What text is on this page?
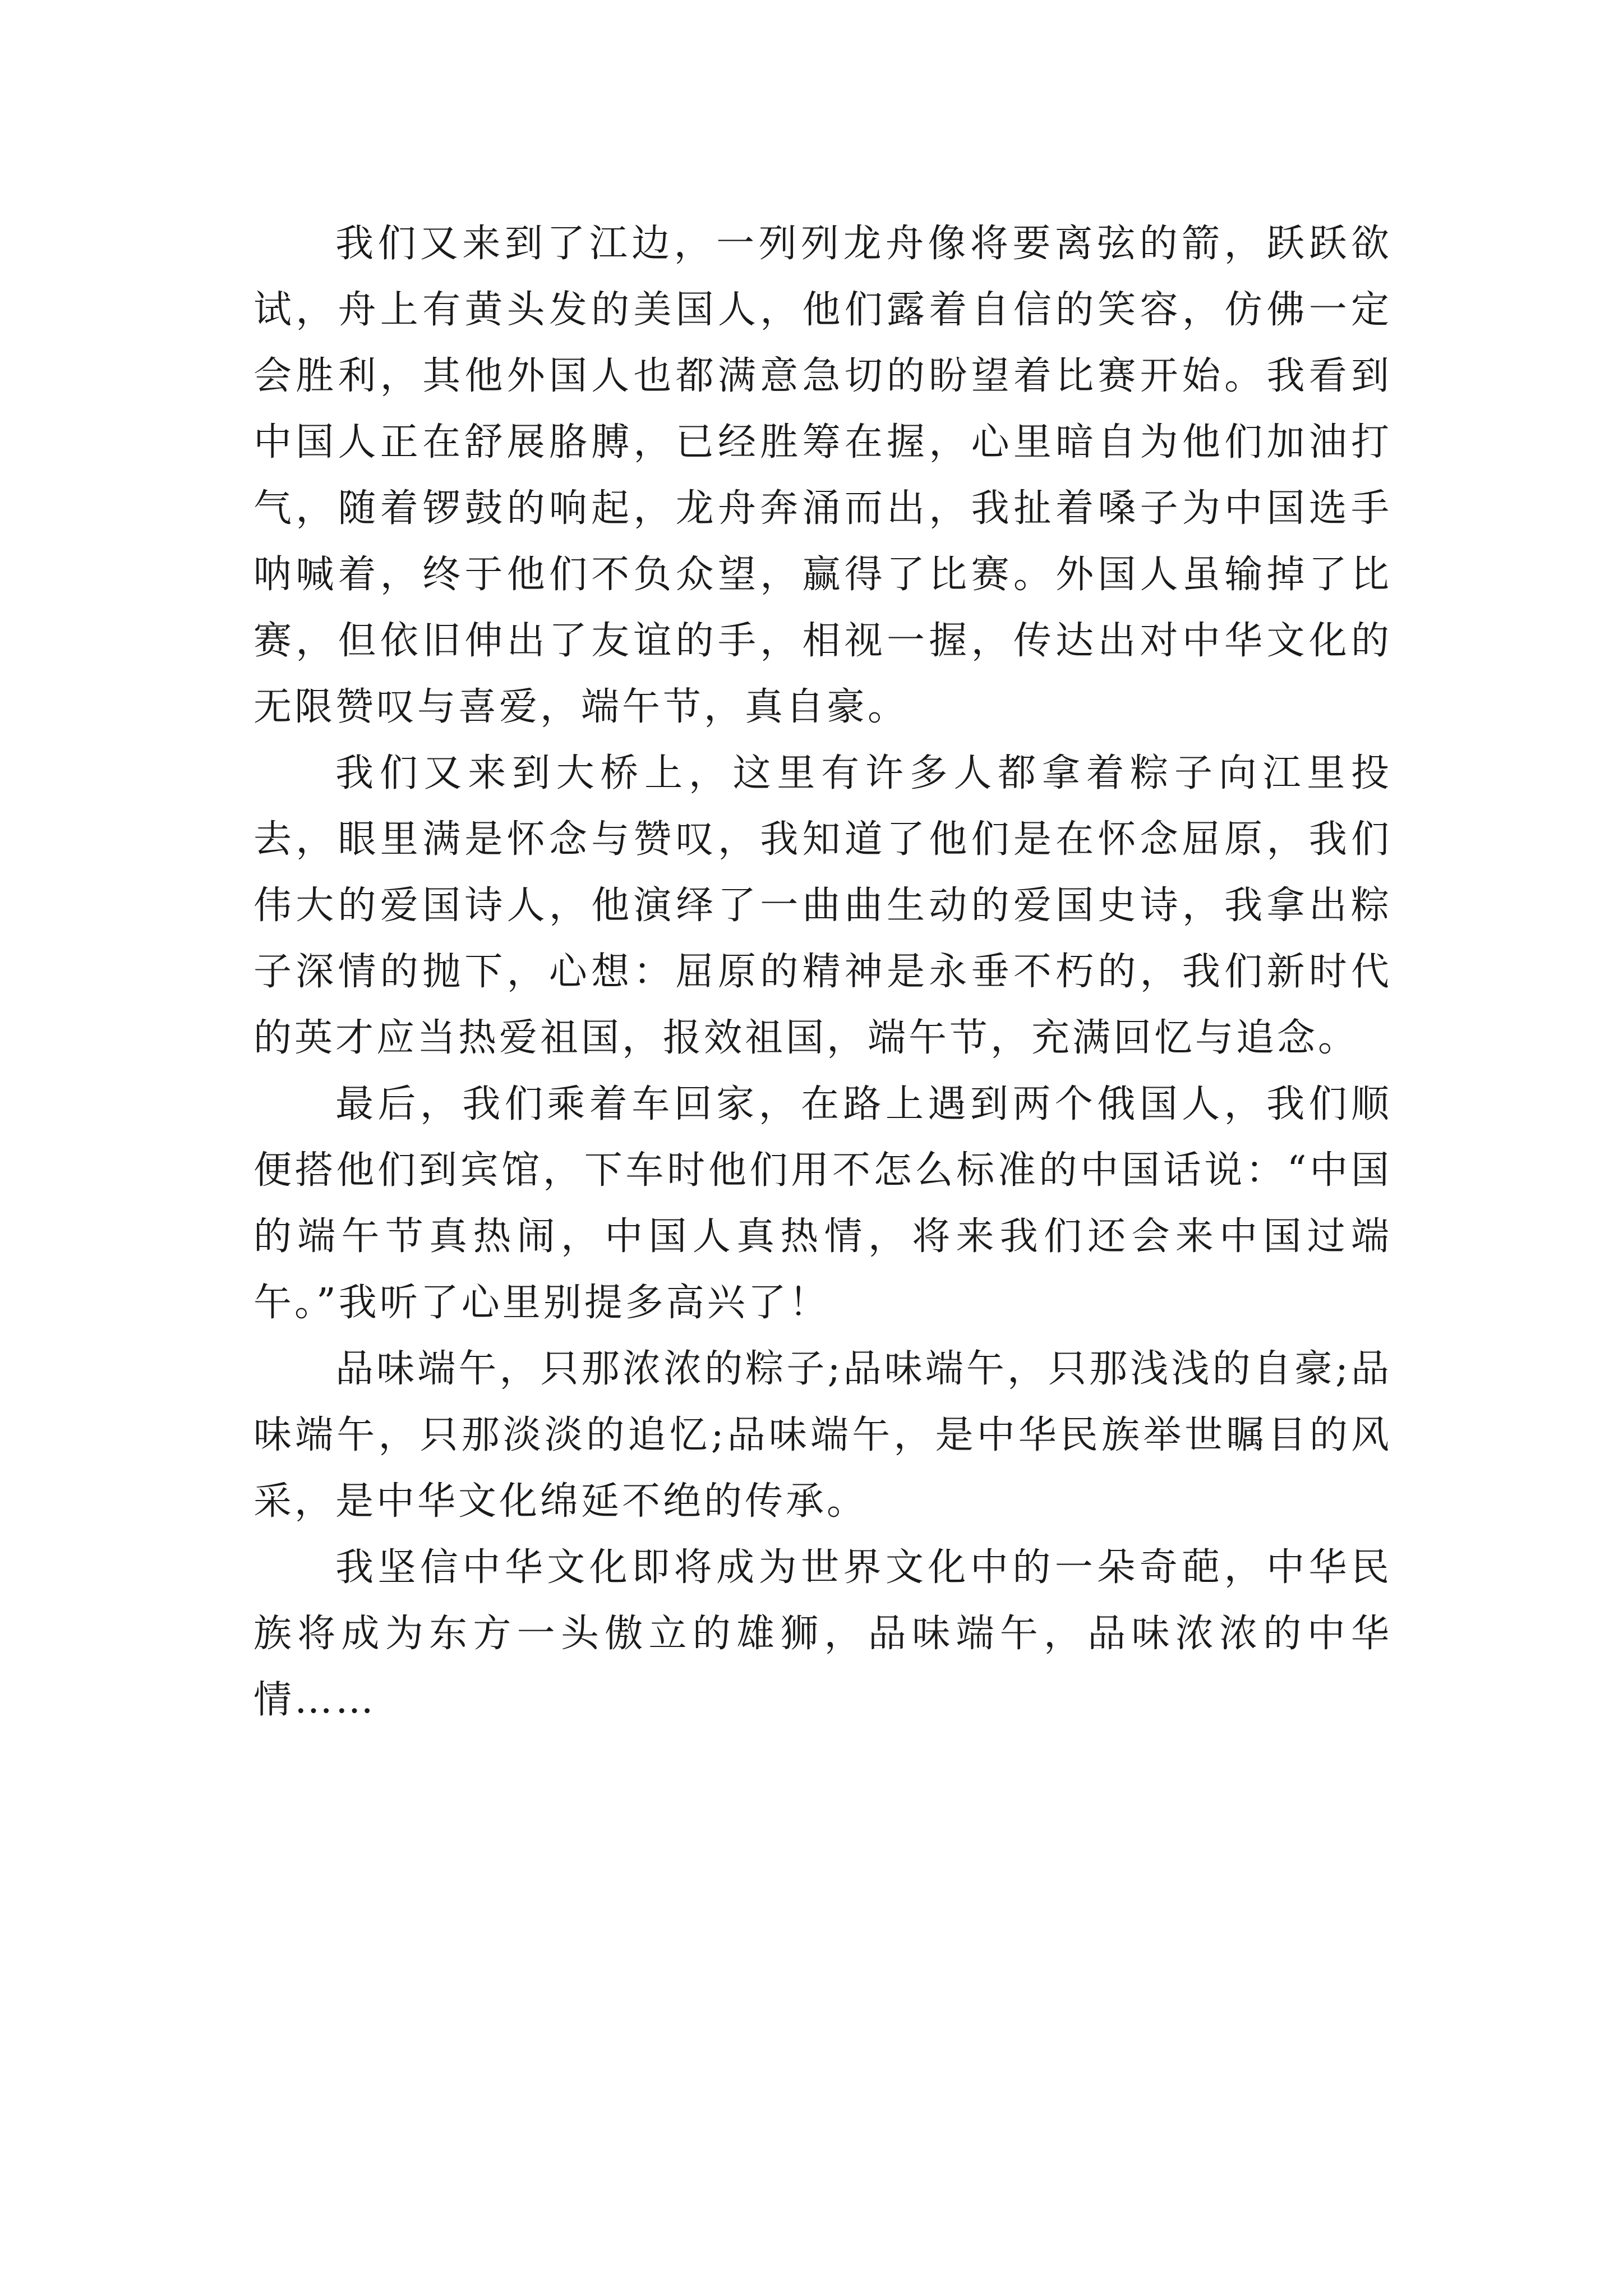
我们又来到了江边，一列列龙舟像将要离弦的箭，跃跃欲试，舟上有黄头发的美国人，他们露着自信的笑容，仿佛一定会胜利，其他外国人也都满意急切的盼望着比赛开始。我看到中国人正在舒展胳膊，已经胜筹在握，心里暗自为他们加油打气，随着锣鼓的响起，龙舟奔涌而出，我扯着嗓子为中国选手呐喊着，终于他们不负众望，赢得了比赛。外国人虽输掉了比赛，但依旧伸出了友谊的手，相视一握，传达出对中华文化的无限赞叹与喜爱，端午节，真自豪。

我们又来到大桥上，这里有许多人都拿着粽子向江里投去，眼里满是怀念与赞叹，我知道了他们是在怀念屈原，我们伟大的爱国诗人，他演绎了一曲曲生动的爱国史诗，我拿出粽子深情的抛下，心想：屈原的精神是永垂不朽的，我们新时代的英才应当热爱祖国，报效祖国，端午节，充满回忆与追念。

最后，我们乘着车回家，在路上遇到两个俄国人，我们顺便搭他们到宾馆，下车时他们用不怎么标准的中国话说：“中国的端午节真热闹，中国人真热情，将来我们还会来中国过端午。”我听了心里别提多高兴了！

品味端午，只那浓浓的粽子;品味端午，只那浅浅的自豪;品味端午，只那淡淡的追忆;品味端午，是中华民族举世瞩目的风采，是中华文化绵延不绝的传承。

我坚信中华文化即将成为世界文化中的一朵奇葩，中华民族将成为东方一头傲立的雄狮，品味端午，品味浓浓的中华情……
